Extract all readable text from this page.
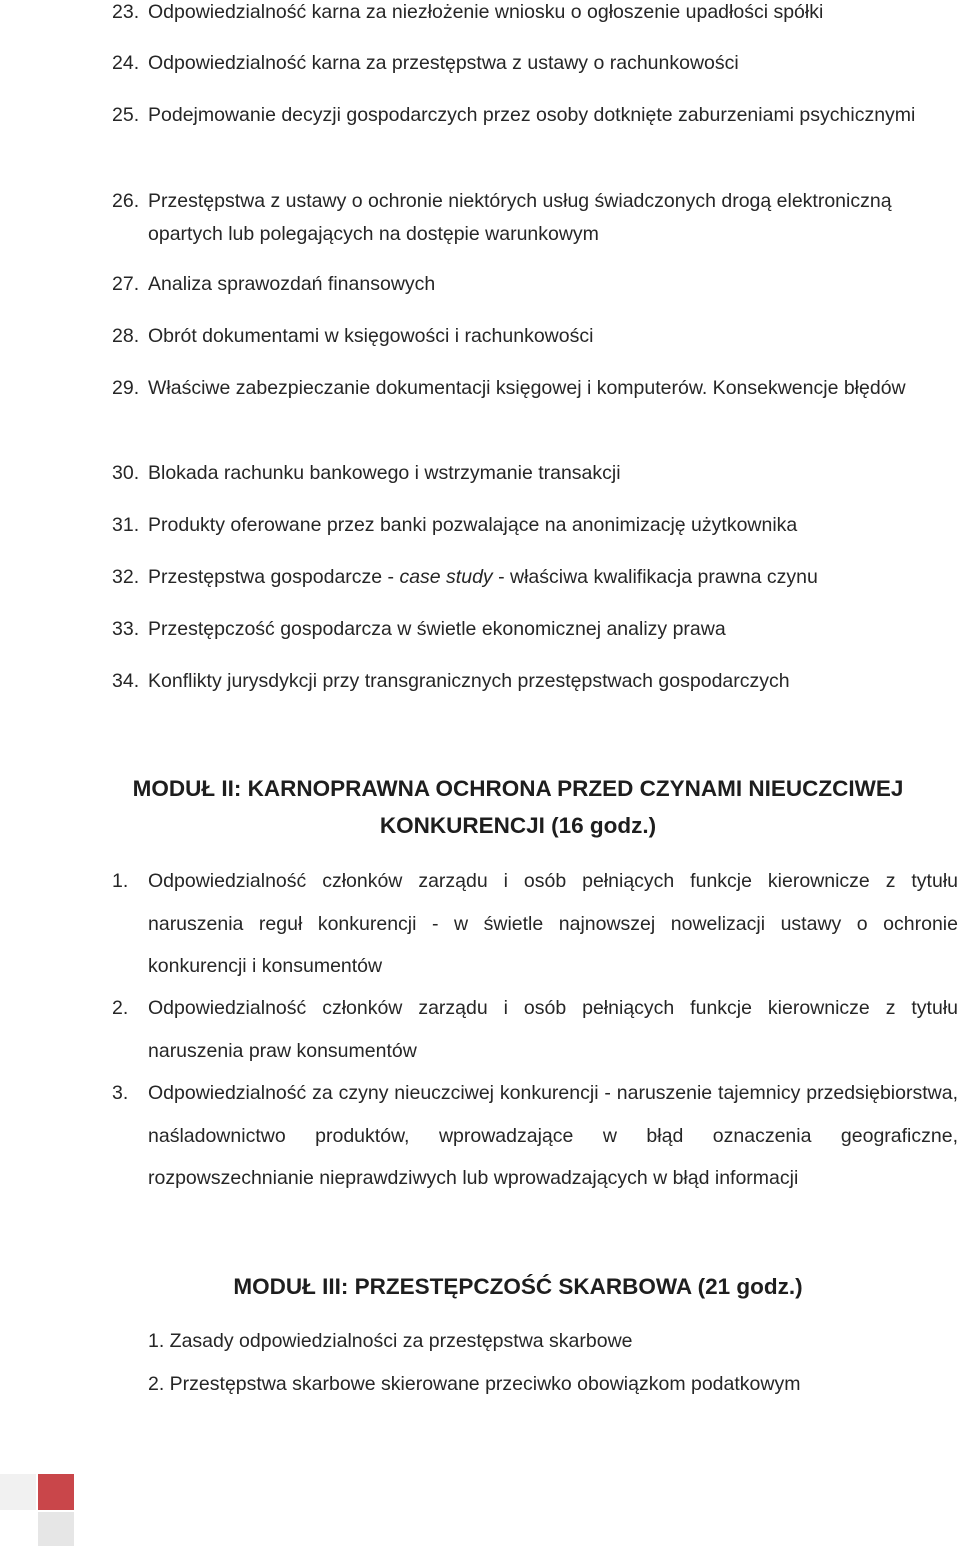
23. Odpowiedzialność karna za niezłożenie wniosku o ogłoszenie upadłości spółki
24. Odpowiedzialność karna za przestępstwa z ustawy o rachunkowości
25. Podejmowanie decyzji gospodarczych przez osoby dotknięte zaburzeniami psychicznymi
26. Przestępstwa z ustawy o ochronie niektórych usług świadczonych drogą elektroniczną opartych lub polegających na dostępie warunkowym
27. Analiza sprawozdań finansowych
28. Obrót dokumentami w księgowości i rachunkowości
29. Właściwe zabezpieczanie dokumentacji księgowej i komputerów. Konsekwencje błędów
30. Blokada rachunku bankowego i wstrzymanie transakcji
31. Produkty oferowane przez banki pozwalające na anonimizację użytkownika
32. Przestępstwa gospodarcze - case study - właściwa kwalifikacja prawna czynu
33. Przestępczość gospodarcza w świetle ekonomicznej analizy prawa
34. Konflikty jurysdykcji przy transgranicznych przestępstwach gospodarczych
MODUŁ II: KARNOPRAWNA OCHRONA PRZED CZYNAMI NIEUCZCIWEJ
KONKURENCJI (16 godz.)
1.	Odpowiedzialność członków zarządu i osób pełniących funkcje kierownicze z tytułu naruszenia reguł konkurencji - w świetle najnowszej nowelizacji ustawy o ochronie konkurencji i konsumentów
2.	Odpowiedzialność członków zarządu i osób pełniących funkcje kierownicze z tytułu naruszenia praw konsumentów
3.	Odpowiedzialność za czyny nieuczciwej konkurencji - naruszenie tajemnicy przedsiębiorstwa, naśladownictwo produktów, wprowadzające w błąd oznaczenia geograficzne, rozpowszechnianie nieprawdziwych lub wprowadzających w błąd informacji
MODUŁ III: PRZESTĘPCZOŚĆ SKARBOWA (21 godz.)
1. Zasady odpowiedzialności za przestępstwa skarbowe
2. Przestępstwa skarbowe skierowane przeciwko obowiązkom podatkowym
